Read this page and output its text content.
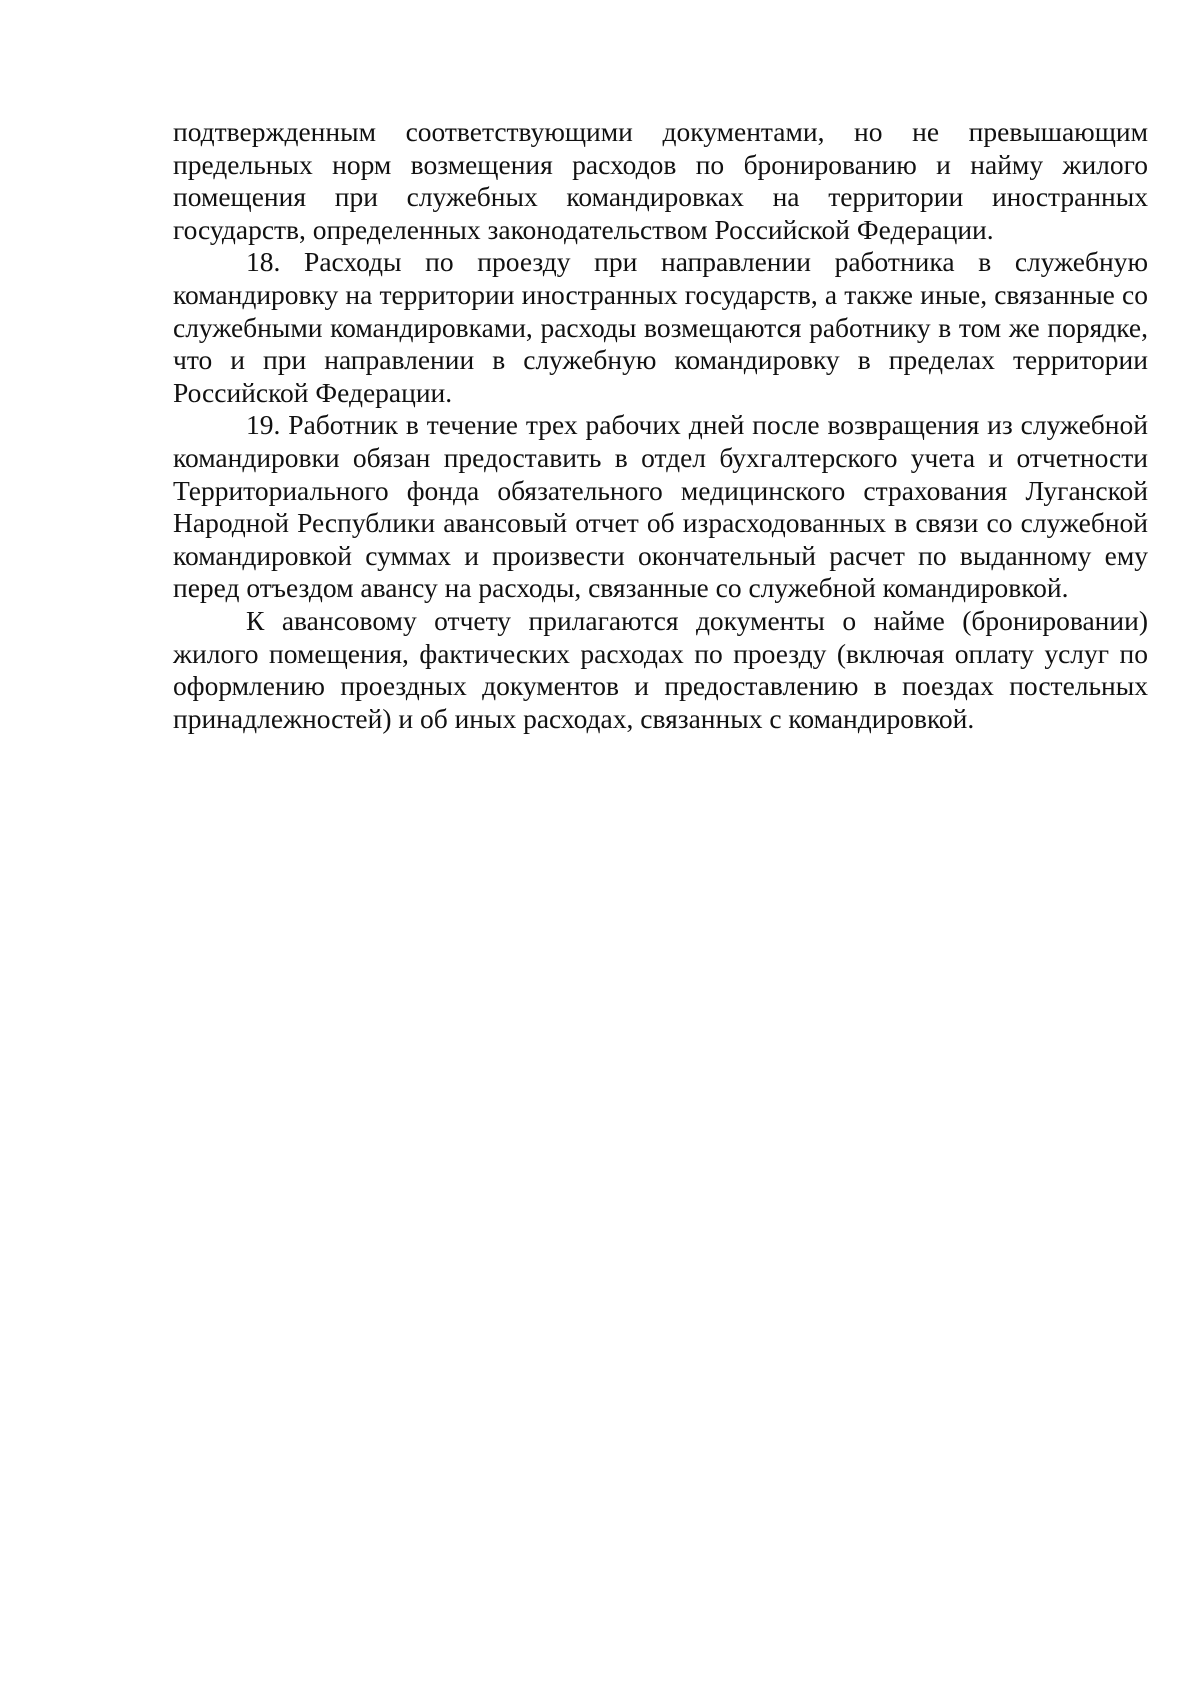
подтвержденным соответствующими документами, но не превышающим предельных норм возмещения расходов по бронированию и найму жилого помещения при служебных командировках на территории иностранных государств, определенных законодательством Российской Федерации.

18. Расходы по проезду при направлении работника в служебную командировку на территории иностранных государств, а также иные, связанные со служебными командировками, расходы возмещаются работнику в том же порядке, что и при направлении в служебную командировку в пределах территории Российской Федерации.

19. Работник в течение трех рабочих дней после возвращения из служебной командировки обязан предоставить в отдел бухгалтерского учета и отчетности Территориального фонда обязательного медицинского страхования Луганской Народной Республики авансовый отчет об израсходованных в связи со служебной командировкой суммах и произвести окончательный расчет по выданному ему перед отъездом авансу на расходы, связанные со служебной командировкой.

К авансовому отчету прилагаются документы о найме (бронировании) жилого помещения, фактических расходах по проезду (включая оплату услуг по оформлению проездных документов и предоставлению в поездах постельных принадлежностей) и об иных расходах, связанных с командировкой.
